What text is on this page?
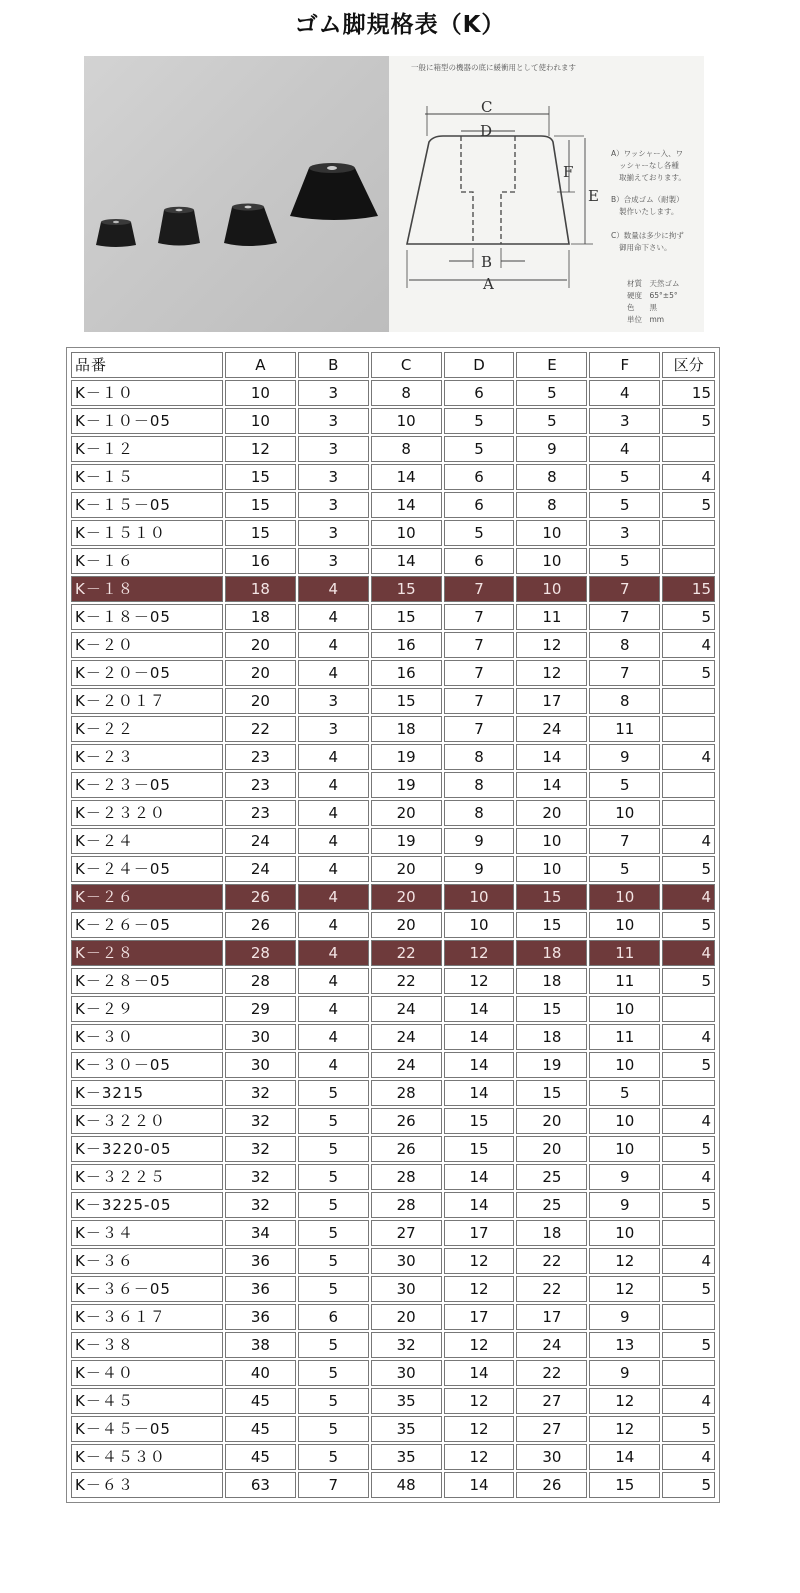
ゴム脚規格表（K）
一般に箱型の機器の底に緩衝用として使われます
C
D
F
E
B
A
A）ワッシャー入、ワ
ッシャーなし各種
取揃えております。
B）合成ゴム（耐製）
製作いたします。
C）数量は多少に拘ず
御用命下さい。
材質　天然ゴム
硬度　65°±5°
色　　黒
単位　mm
品番	A	B	C	D	E	F	区分
K－１０	10	3	8	6	5	4	15
K－１０－05	10	3	10	5	5	3	5
K－１２	12	3	8	5	9	4	
K－１５	15	3	14	6	8	5	4
K－１５－05	15	3	14	6	8	5	5
K－１５１０	15	3	10	5	10	3	
K－１６	16	3	14	6	10	5	
K－１８	18	4	15	7	10	7	15
K－１８－05	18	4	15	7	11	7	5
K－２０	20	4	16	7	12	8	4
K－２０－05	20	4	16	7	12	7	5
K－２０１７	20	3	15	7	17	8	
K－２２	22	3	18	7	24	11	
K－２３	23	4	19	8	14	9	4
K－２３－05	23	4	19	8	14	5	
K－２３２０	23	4	20	8	20	10	
K－２４	24	4	19	9	10	7	4
K－２４－05	24	4	20	9	10	5	5
K－２６	26	4	20	10	15	10	4
K－２６－05	26	4	20	10	15	10	5
K－２８	28	4	22	12	18	11	4
K－２８－05	28	4	22	12	18	11	5
K－２９	29	4	24	14	15	10	
K－３０	30	4	24	14	18	11	4
K－３０－05	30	4	24	14	19	10	5
K－3215	32	5	28	14	15	5	
K－３２２０	32	5	26	15	20	10	4
K－3220-05	32	5	26	15	20	10	5
K－３２２５	32	5	28	14	25	9	4
K－3225-05	32	5	28	14	25	9	5
K－３４	34	5	27	17	18	10	
K－３６	36	5	30	12	22	12	4
K－３６－05	36	5	30	12	22	12	5
K－３６１７	36	6	20	17	17	9	
K－３８	38	5	32	12	24	13	5
K－４０	40	5	30	14	22	9	
K－４５	45	5	35	12	27	12	4
K－４５－05	45	5	35	12	27	12	5
K－４５３０	45	5	35	12	30	14	4
K－６３	63	7	48	14	26	15	5
